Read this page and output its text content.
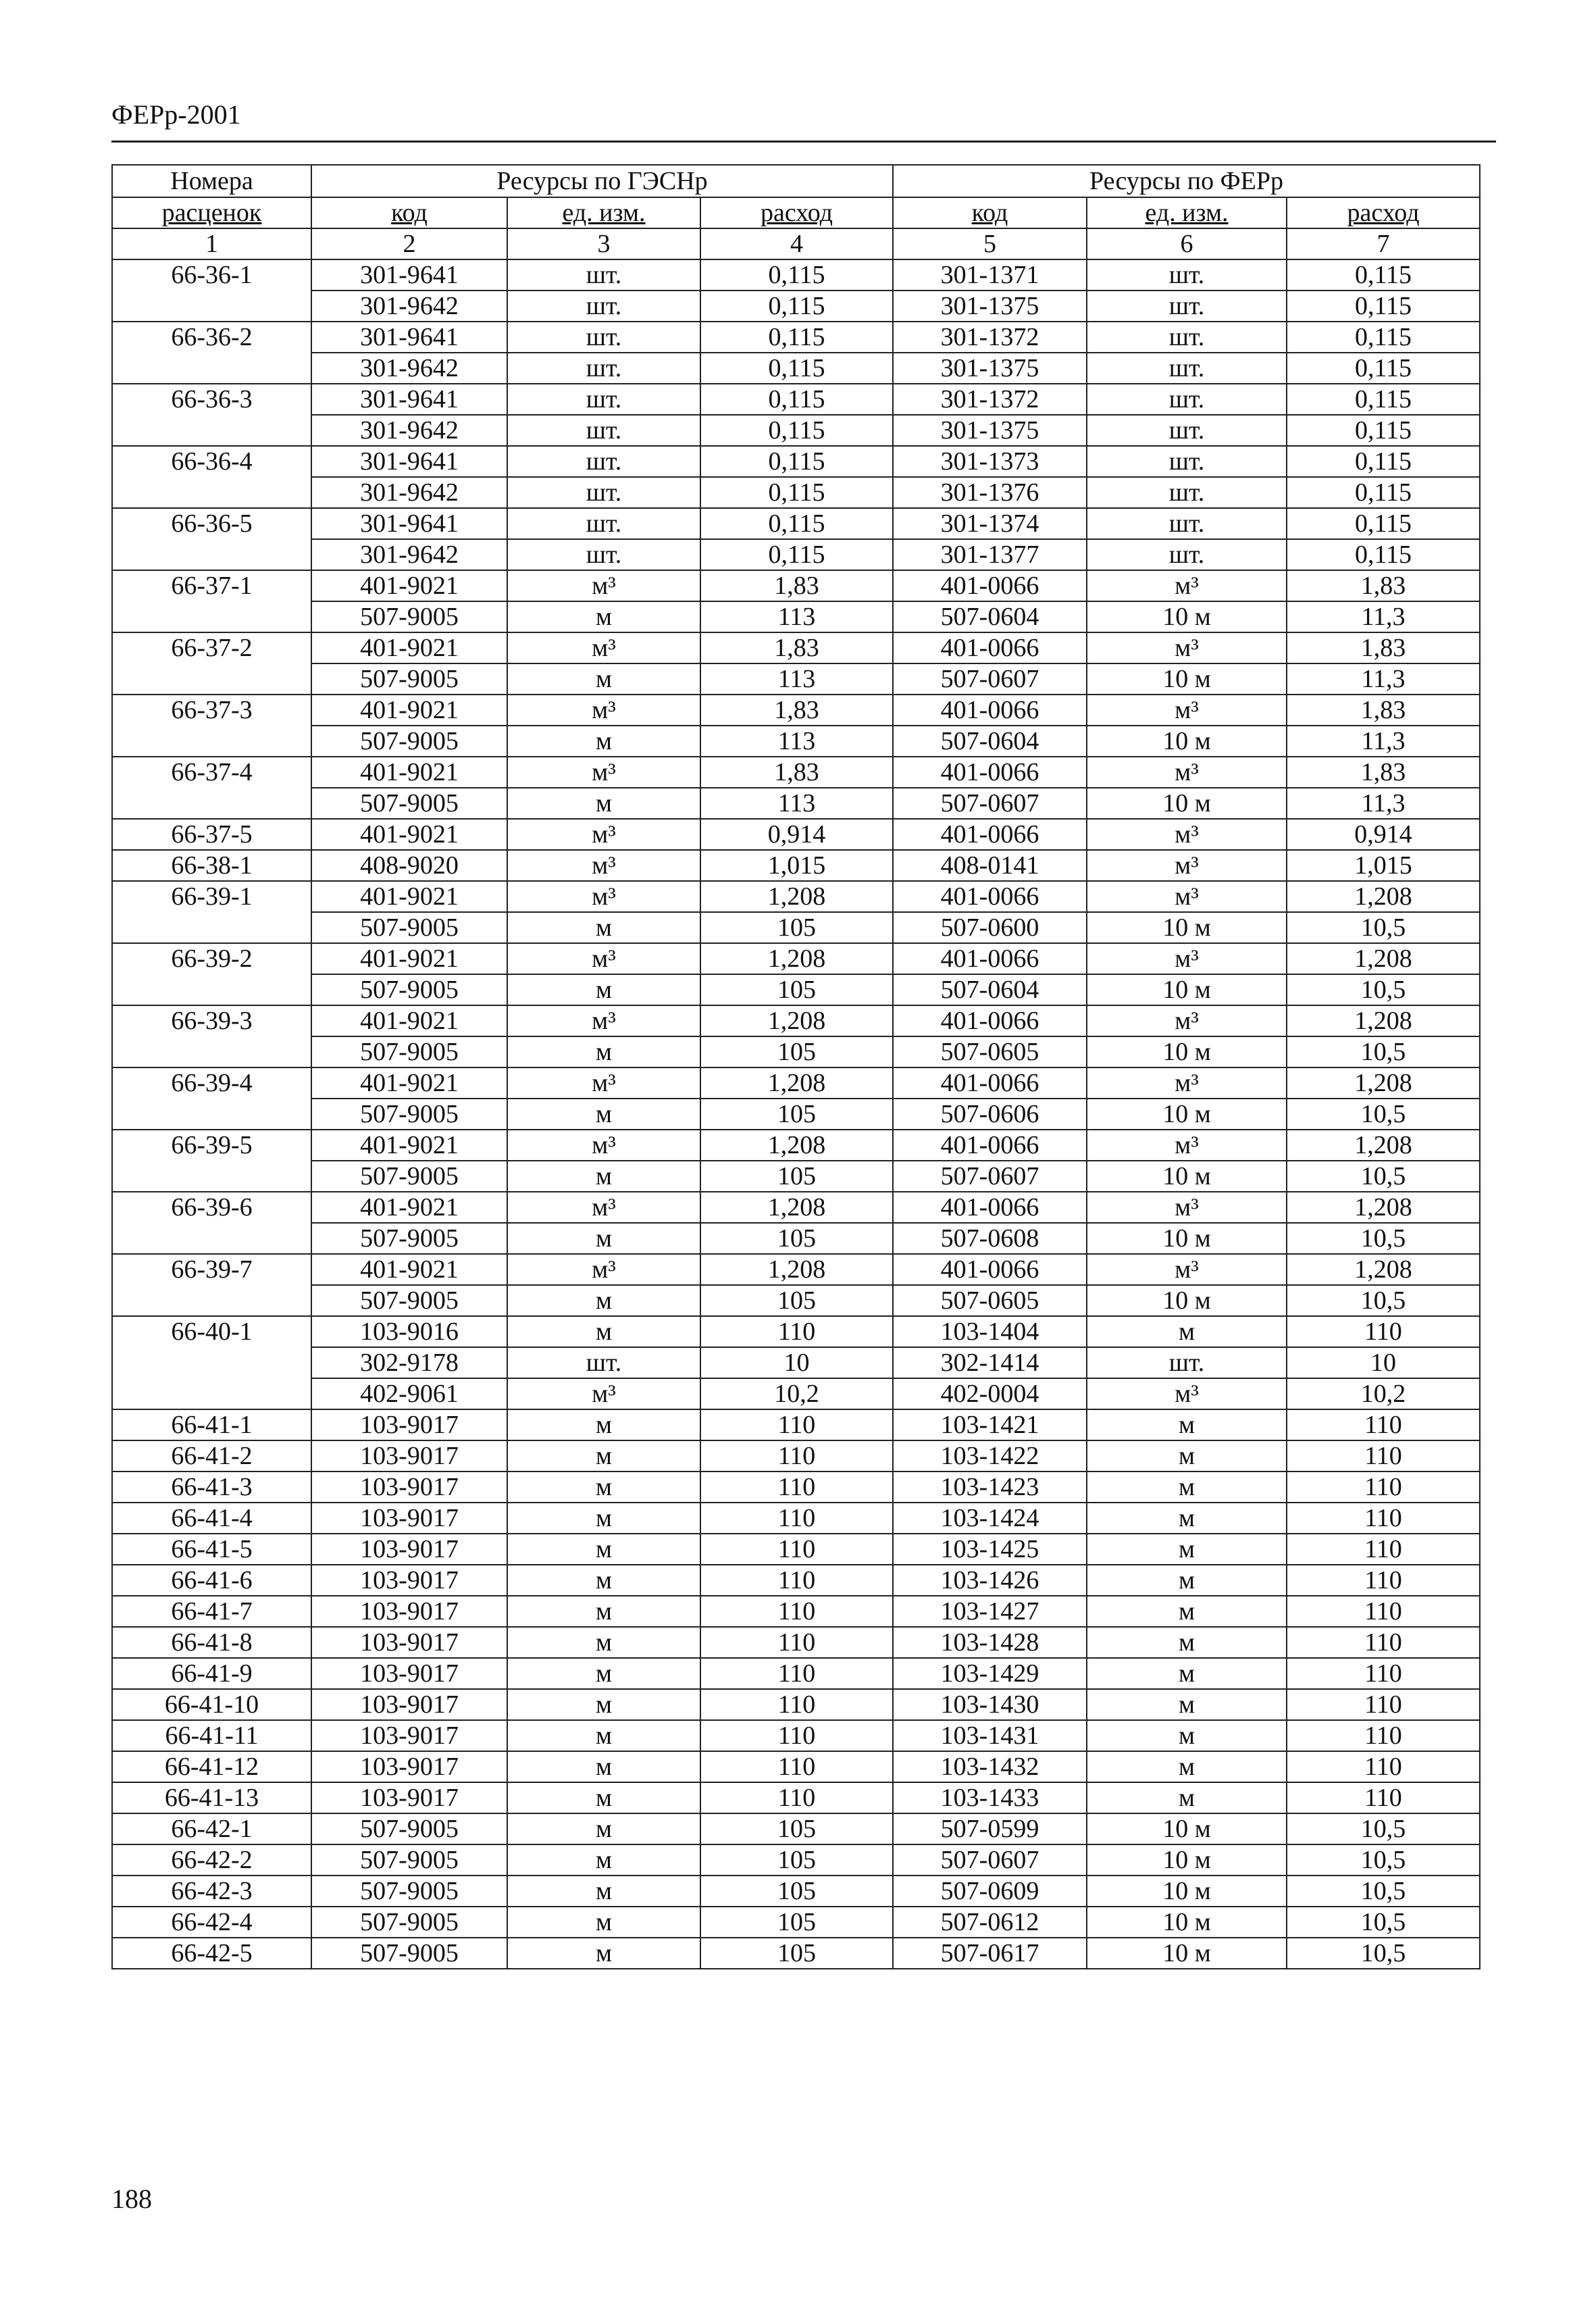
ФЕРр-2001
Номера	Ресурсы по ГЭСНр			Ресурсы по ФЕРр		
расценок	код	ед. изм.	расход	код	ед. изм.	расход
1	2	3	4	5	6	7
66-36-1	301-9641	шт.	0,115	301-1371	шт.	0,115
	301-9642	шт.	0,115	301-1375	шт.	0,115
66-36-2	301-9641	шт.	0,115	301-1372	шт.	0,115
	301-9642	шт.	0,115	301-1375	шт.	0,115
66-36-3	301-9641	шт.	0,115	301-1372	шт.	0,115
	301-9642	шт.	0,115	301-1375	шт.	0,115
66-36-4	301-9641	шт.	0,115	301-1373	шт.	0,115
	301-9642	шт.	0,115	301-1376	шт.	0,115
66-36-5	301-9641	шт.	0,115	301-1374	шт.	0,115
	301-9642	шт.	0,115	301-1377	шт.	0,115
66-37-1	401-9021	м³	1,83	401-0066	м³	1,83
	507-9005	м	113	507-0604	10 м	11,3
66-37-2	401-9021	м³	1,83	401-0066	м³	1,83
	507-9005	м	113	507-0607	10 м	11,3
66-37-3	401-9021	м³	1,83	401-0066	м³	1,83
	507-9005	м	113	507-0604	10 м	11,3
66-37-4	401-9021	м³	1,83	401-0066	м³	1,83
	507-9005	м	113	507-0607	10 м	11,3
66-37-5	401-9021	м³	0,914	401-0066	м³	0,914
66-38-1	408-9020	м³	1,015	408-0141	м³	1,015
66-39-1	401-9021	м³	1,208	401-0066	м³	1,208
	507-9005	м	105	507-0600	10 м	10,5
66-39-2	401-9021	м³	1,208	401-0066	м³	1,208
	507-9005	м	105	507-0604	10 м	10,5
66-39-3	401-9021	м³	1,208	401-0066	м³	1,208
	507-9005	м	105	507-0605	10 м	10,5
66-39-4	401-9021	м³	1,208	401-0066	м³	1,208
	507-9005	м	105	507-0606	10 м	10,5
66-39-5	401-9021	м³	1,208	401-0066	м³	1,208
	507-9005	м	105	507-0607	10 м	10,5
66-39-6	401-9021	м³	1,208	401-0066	м³	1,208
	507-9005	м	105	507-0608	10 м	10,5
66-39-7	401-9021	м³	1,208	401-0066	м³	1,208
	507-9005	м	105	507-0605	10 м	10,5
66-40-1	103-9016	м	110	103-1404	м	110
	302-9178	шт.	10	302-1414	шт.	10
	402-9061	м³	10,2	402-0004	м³	10,2
66-41-1	103-9017	м	110	103-1421	м	110
66-41-2	103-9017	м	110	103-1422	м	110
66-41-3	103-9017	м	110	103-1423	м	110
66-41-4	103-9017	м	110	103-1424	м	110
66-41-5	103-9017	м	110	103-1425	м	110
66-41-6	103-9017	м	110	103-1426	м	110
66-41-7	103-9017	м	110	103-1427	м	110
66-41-8	103-9017	м	110	103-1428	м	110
66-41-9	103-9017	м	110	103-1429	м	110
66-41-10	103-9017	м	110	103-1430	м	110
66-41-11	103-9017	м	110	103-1431	м	110
66-41-12	103-9017	м	110	103-1432	м	110
66-41-13	103-9017	м	110	103-1433	м	110
66-42-1	507-9005	м	105	507-0599	10 м	10,5
66-42-2	507-9005	м	105	507-0607	10 м	10,5
66-42-3	507-9005	м	105	507-0609	10 м	10,5
66-42-4	507-9005	м	105	507-0612	10 м	10,5
66-42-5	507-9005	м	105	507-0617	10 м	10,5
188
